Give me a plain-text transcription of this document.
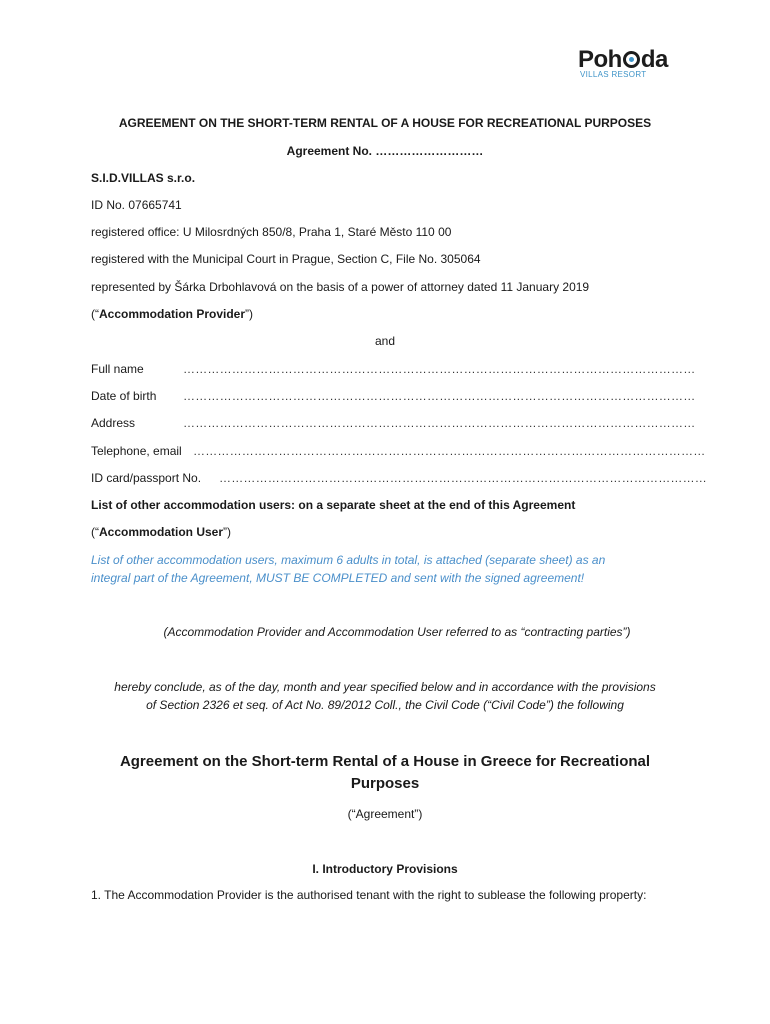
Poh da
VILLAS RESORT
AGREEMENT ON THE SHORT-TERM RENTAL OF A HOUSE FOR RECREATIONAL PURPOSES
Agreement No. ………………………
S.I.D.VILLAS s.r.o.
ID No. 07665741
registered office: U Milosrdných 850/8, Praha 1, Staré Město 110 00
registered with the Municipal Court in Prague, Section C, File No. 305064
represented by Šárka Drbohlavová on the basis of a power of attorney dated 11 January 2019
(“Accommodation Provider”)
and
Full name	………………………………………………………………………………………………………………
Date of birth ………………………………………………………………………………………………………………
Address	………………………………………………………………………………………………………………
Telephone, email ………………………………………………………………………………………………………………
ID card/passport No. …………………………………………………………………………………………………………
List of other accommodation users: on a separate sheet at the end of this Agreement
(“Accommodation User”)
List of other accommodation users, maximum 6 adults in total, is attached (separate sheet) as an
integral part of the Agreement, MUST BE COMPLETED and sent with the signed agreement!
(Accommodation Provider and Accommodation User referred to as “contracting parties”)
hereby conclude, as of the day, month and year specified below and in accordance with the provisions
of Section 2326 et seq. of Act No. 89/2012 Coll., the Civil Code (“Civil Code”) the following
Agreement on the Short-term Rental of a House in Greece for Recreational
Purposes
(“Agreement”)
I. Introductory Provisions
1. The Accommodation Provider is the authorised tenant with the right to sublease the following property:
